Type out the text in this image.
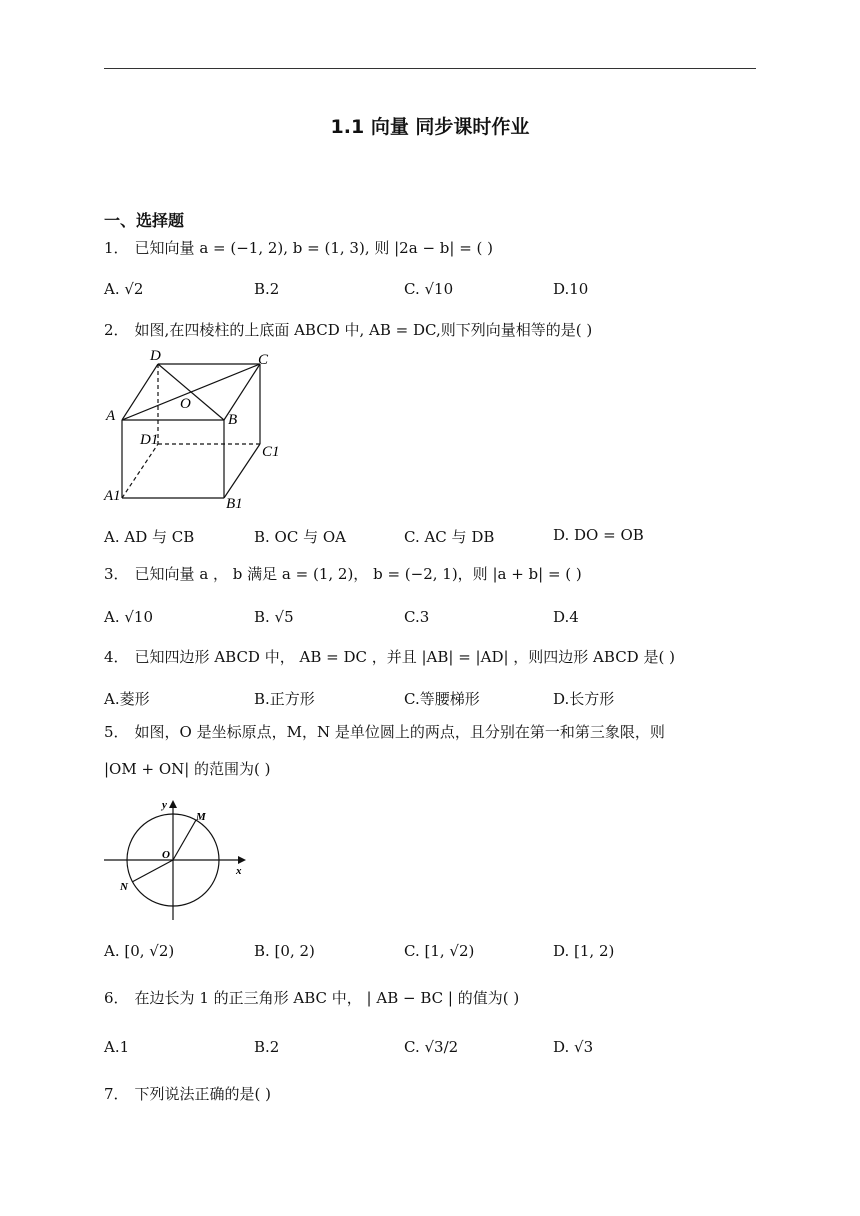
1.1 向量 同步课时作业
一、选择题
1． 已知向量 a = (−1, 2), b = (1, 3), 则 |2a − b| = ( )
A. √2	B.2	C. √10	D.10
2． 如图,在四棱柱的上底面 ABCD 中, AB = DC,则下列向量相等的是( )
D	C
O
A	B
D1
C1
A1	B1
A. AD 与 CB	B. OC 与 OA	C. AC 与 DB	D. DO = OB
3． 已知向量 a ， b 满足 a = (1, 2)， b = (−2, 1)，则 |a + b| = ( )
A. √10	B. √5	C.3	D.4
4． 已知四边形 ABCD 中， AB = DC ，并且 |AB| = |AD| ，则四边形 ABCD 是( )
A.菱形	B.正方形	C.等腰梯形	D.长方形
5． 如图，O 是坐标原点，M，N 是单位圆上的两点，且分别在第一和第三象限，则
|OM + ON| 的范围为( )
y
M
O
x
N
A. [0, √2)	B. [0, 2)	C. [1, √2)	D. [1, 2)
6． 在边长为 1 的正三角形 ABC 中， | AB − BC | 的值为( )
A.1	B.2	C. √3/2	D. √3
7． 下列说法正确的是( )
